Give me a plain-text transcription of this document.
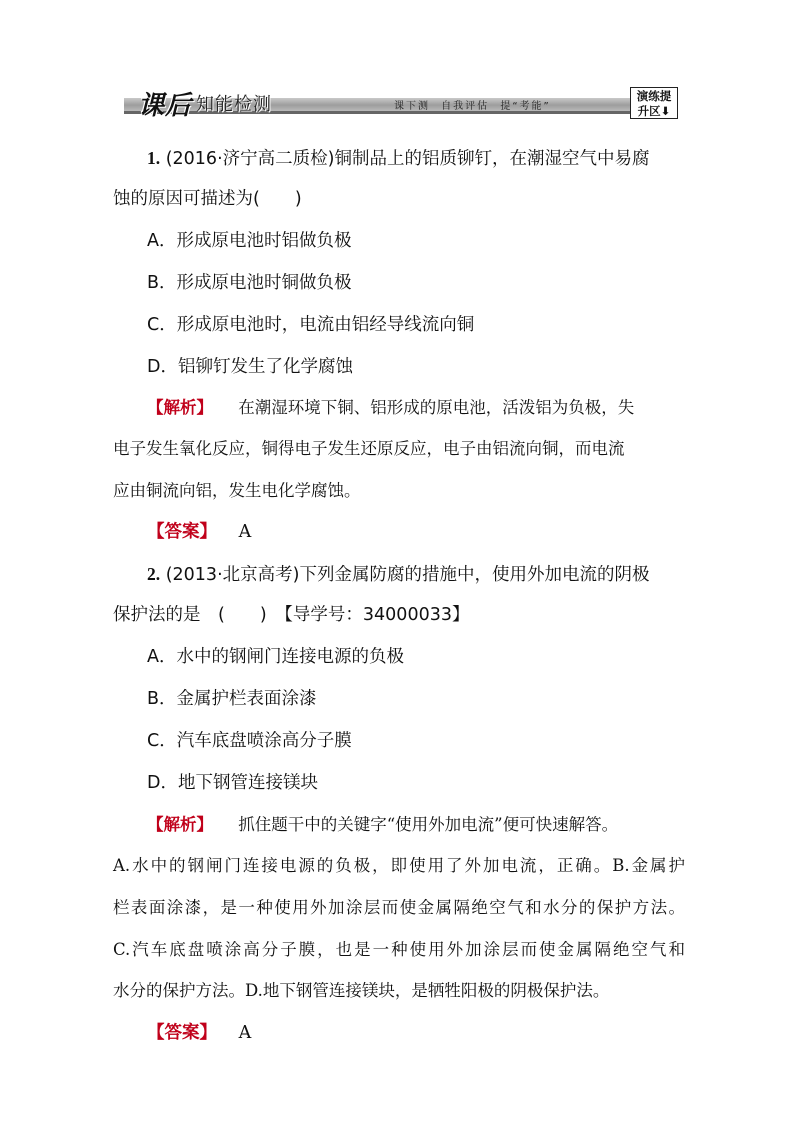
课后 知能检测	课下测 自我评估 提“考能”
演练提
升区⬇
1. (2016·济宁高二质检)铜制品上的铝质铆钉，在潮湿空气中易腐
蚀的原因可描述为(　　)
A．形成原电池时铝做负极
B．形成原电池时铜做负极
C．形成原电池时，电流由铝经导线流向铜
D．铝铆钉发生了化学腐蚀
【解析】 在潮湿环境下铜、铝形成的原电池，活泼铝为负极，失
电子发生氧化反应，铜得电子发生还原反应，电子由铝流向铜，而电流
应由铜流向铝，发生电化学腐蚀。
【答案】 A
2. (2013·北京高考)下列金属防腐的措施中，使用外加电流的阴极
保护法的是　(　　)　【导学号：34000033】
A．水中的钢闸门连接电源的负极
B．金属护栏表面涂漆
C．汽车底盘喷涂高分子膜
D．地下钢管连接镁块
【解析】 抓住题干中的关键字“使用外加电流”便可快速解答。
A.水中的钢闸门连接电源的负极，即使用了外加电流，正确。B.金属护
栏表面涂漆，是一种使用外加涂层而使金属隔绝空气和水分的保护方法。
C.汽车底盘喷涂高分子膜，也是一种使用外加涂层而使金属隔绝空气和
水分的保护方法。D.地下钢管连接镁块，是牺牲阳极的阴极保护法。
【答案】 A
